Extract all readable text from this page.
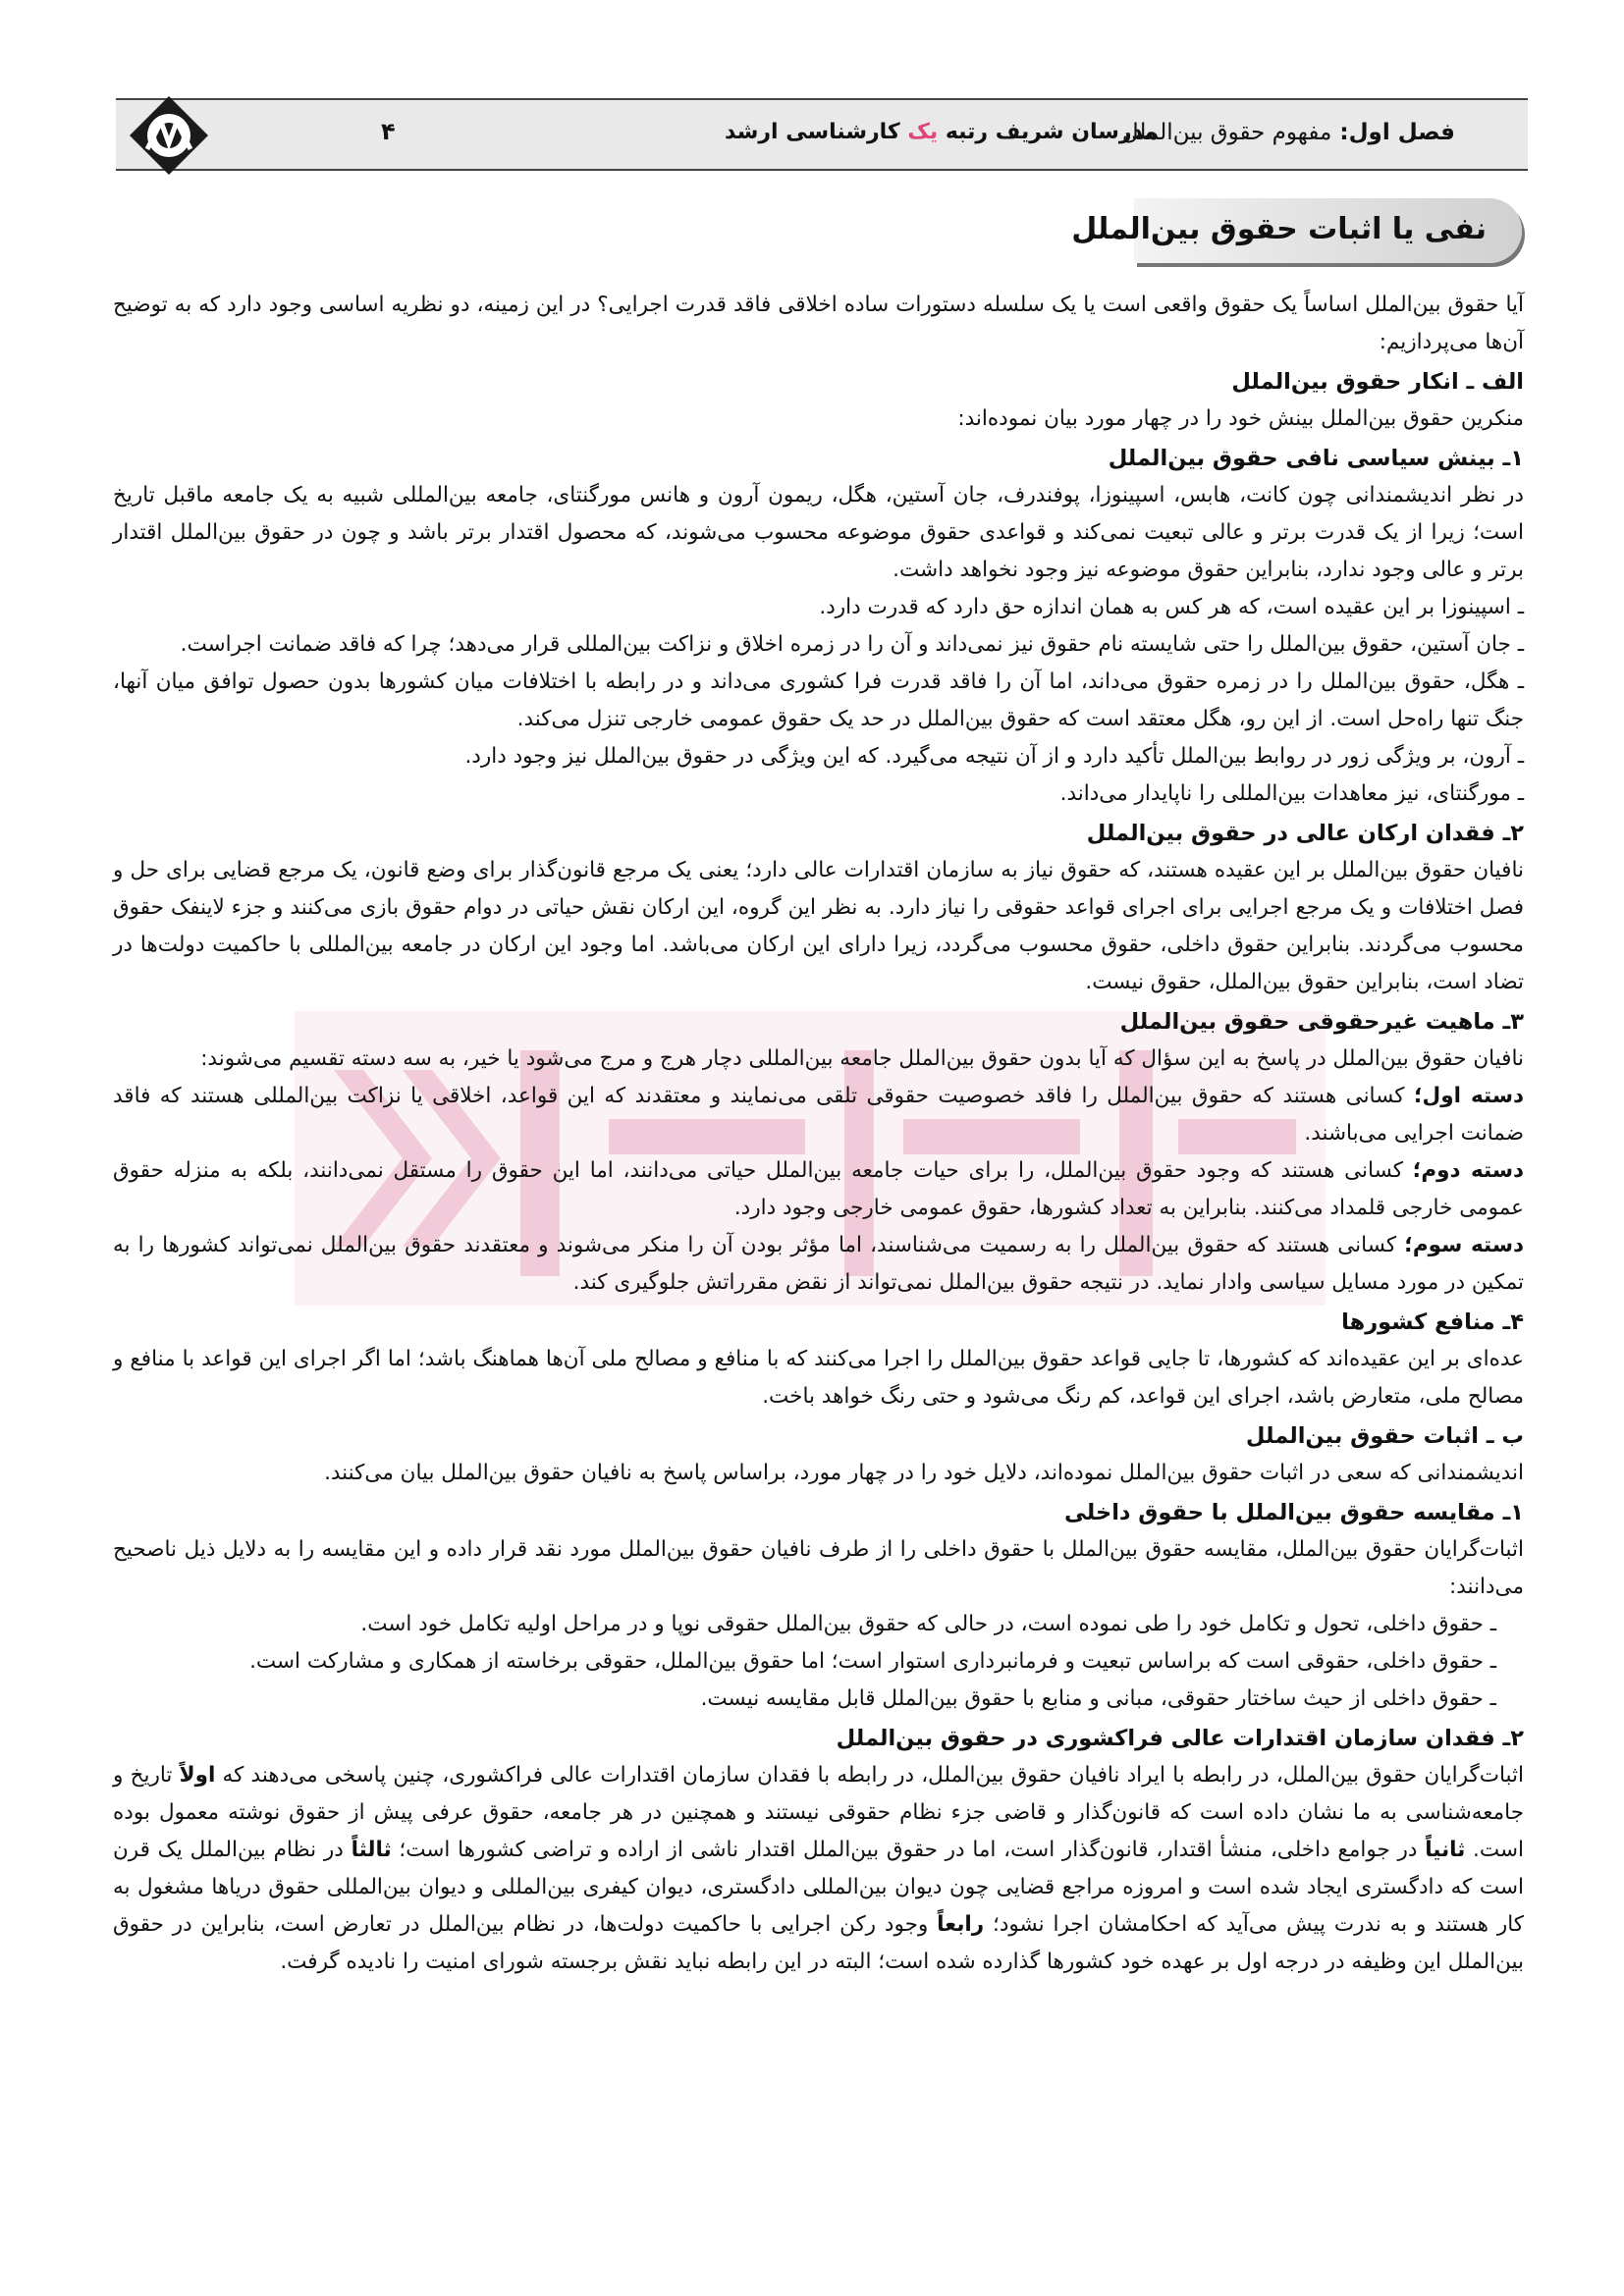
فصل اول: مفهوم حقوق بین‌الملل
مدرسان شریف رتبه یک کارشناسی ارشد
۴
نفی یا اثبات حقوق بین‌الملل

آیا حقوق بین‌الملل اساساً یک حقوق واقعی است یا یک سلسله دستورات ساده اخلاقی فاقد قدرت اجرایی؟ در این زمینه، دو نظریه اساسی وجود دارد که به توضیح آن‌ها می‌پردازیم:

الف ـ انکار حقوق بین‌الملل

منکرین حقوق بین‌الملل بینش خود را در چهار مورد بیان نموده‌اند:

۱ـ بینش سیاسی نافی حقوق بین‌الملل

در نظر اندیشمندانی چون کانت، هابس، اسپینوزا، پوفندرف، جان آستین، هگل، ریمون آرون و هانس مورگنتای، جامعه بین‌المللی شبیه به یک جامعه ماقبل تاریخ است؛ زیرا از یک قدرت برتر و عالی تبعیت نمی‌کند و قواعدی حقوق موضوعه محسوب می‌شوند، که محصول اقتدار برتر باشد و چون در حقوق بین‌الملل اقتدار برتر و عالی وجود ندارد، بنابراین حقوق موضوعه نیز وجود نخواهد داشت.

ـ اسپینوزا بر این عقیده است، که هر کس به همان اندازه حق دارد که قدرت دارد.

ـ جان آستین، حقوق بین‌الملل را حتی شایسته نام حقوق نیز نمی‌داند و آن را در زمره اخلاق و نزاکت بین‌المللی قرار می‌دهد؛ چرا که فاقد ضمانت اجراست.

ـ هگل، حقوق بین‌الملل را در زمره حقوق می‌داند، اما آن را فاقد قدرت فرا کشوری می‌داند و در رابطه با اختلافات میان کشورها بدون حصول توافق میان آنها، جنگ تنها راه‌حل است. از این رو، هگل معتقد است که حقوق بین‌الملل در حد یک حقوق عمومی خارجی تنزل می‌کند.

ـ آرون، بر ویژگی زور در روابط بین‌الملل تأکید دارد و از آن نتیجه می‌گیرد. که این ویژگی در حقوق بین‌الملل نیز وجود دارد.

ـ مورگنتای، نیز معاهدات بین‌المللی را ناپایدار می‌داند.

۲ـ فقدان ارکان عالی در حقوق بین‌الملل

نافیان حقوق بین‌الملل بر این عقیده هستند، که حقوق نیاز به سازمان اقتدارات عالی دارد؛ یعنی یک مرجع قانون‌گذار برای وضع قانون، یک مرجع قضایی برای حل و فصل اختلافات و یک مرجع اجرایی برای اجرای قواعد حقوقی را نیاز دارد. به نظر این گروه، این ارکان نقش حیاتی در دوام حقوق بازی می‌کنند و جزء لاینفک حقوق محسوب می‌گردند. بنابراین حقوق داخلی، حقوق محسوب می‌گردد، زیرا دارای این ارکان می‌باشد. اما وجود این ارکان در جامعه بین‌المللی با حاکمیت دولت‌ها در تضاد است، بنابراین حقوق بین‌الملل، حقوق نیست.

۳ـ ماهیت غیرحقوقی حقوق بین‌الملل

نافیان حقوق بین‌الملل در پاسخ به این سؤال که آیا بدون حقوق بین‌الملل جامعه بین‌المللی دچار هرج و مرج می‌شود یا خیر، به سه دسته تقسیم می‌شوند:

دسته اول؛ کسانی هستند که حقوق بین‌الملل را فاقد خصوصیت حقوقی تلقی می‌نمایند و معتقدند که این قواعد، اخلاقی یا نزاکت بین‌المللی هستند که فاقد ضمانت اجرایی می‌باشند.

دسته دوم؛ کسانی هستند که وجود حقوق بین‌الملل، را برای حیات جامعه بین‌الملل حیاتی می‌دانند، اما این حقوق را مستقل نمی‌دانند، بلکه به منزله حقوق عمومی خارجی قلمداد می‌کنند. بنابراین به تعداد کشورها، حقوق عمومی خارجی وجود دارد.

دسته سوم؛ کسانی هستند که حقوق بین‌الملل را به رسمیت می‌شناسند، اما مؤثر بودن آن را منکر می‌شوند و معتقدند حقوق بین‌الملل نمی‌تواند کشورها را به تمکین در مورد مسایل سیاسی وادار نماید. در نتیجه حقوق بین‌الملل نمی‌تواند از نقض مقرراتش جلوگیری کند.

۴ـ منافع کشورها

عده‌ای بر این عقیده‌اند که کشورها، تا جایی قواعد حقوق بین‌الملل را اجرا می‌کنند که با منافع و مصالح ملی آن‌ها هماهنگ باشد؛ اما اگر اجرای این قواعد با منافع و مصالح ملی، متعارض باشد، اجرای این قواعد، کم رنگ می‌شود و حتی رنگ خواهد باخت.

ب ـ اثبات حقوق بین‌الملل

اندیشمندانی که سعی در اثبات حقوق بین‌الملل نموده‌اند، دلایل خود را در چهار مورد، براساس پاسخ به نافیان حقوق بین‌الملل بیان می‌کنند.

۱ـ مقایسه حقوق بین‌الملل با حقوق داخلی

اثبات‌گرایان حقوق بین‌الملل، مقایسه حقوق بین‌الملل با حقوق داخلی را از طرف نافیان حقوق بین‌الملل مورد نقد قرار داده و این مقایسه را به دلایل ذیل ناصحیح می‌دانند:

ـ حقوق داخلی، تحول و تکامل خود را طی نموده است، در حالی که حقوق بین‌الملل حقوقی نوپا و در مراحل اولیه تکامل خود است.

ـ حقوق داخلی، حقوقی است که براساس تبعیت و فرمانبرداری استوار است؛ اما حقوق بین‌الملل، حقوقی برخاسته از همکاری و مشارکت است.

ـ حقوق داخلی از حیث ساختار حقوقی، مبانی و منابع با حقوق بین‌الملل قابل مقایسه نیست.

۲ـ فقدان سازمان اقتدارات عالی فراکشوری در حقوق بین‌الملل

اثبات‌گرایان حقوق بین‌الملل، در رابطه با ایراد نافیان حقوق بین‌الملل، در رابطه با فقدان سازمان اقتدارات عالی فراکشوری، چنین پاسخی می‌دهند که اولاً تاریخ و جامعه‌شناسی به ما نشان داده است که قانون‌گذار و قاضی جزء نظام حقوقی نیستند و همچنین در هر جامعه، حقوق عرفی پیش از حقوق نوشته معمول بوده است. ثانیاً در جوامع داخلی، منشأ اقتدار، قانون‌گذار است، اما در حقوق بین‌الملل اقتدار ناشی از اراده و تراضی کشورها است؛ ثالثاً در نظام بین‌الملل یک قرن است که دادگستری ایجاد شده است و امروزه مراجع قضایی چون دیوان بین‌المللی دادگستری، دیوان کیفری بین‌المللی و دیوان بین‌المللی حقوق دریاها مشغول به کار هستند و به ندرت پیش می‌آید که احکامشان اجرا نشود؛ رابعاً وجود رکن اجرایی با حاکمیت دولت‌ها، در نظام بین‌الملل در تعارض است، بنابراین در حقوق بین‌الملل این وظیفه در درجه اول بر عهده خود کشورها گذارده شده است؛ البته در این رابطه نباید نقش برجسته شورای امنیت را نادیده گرفت.
